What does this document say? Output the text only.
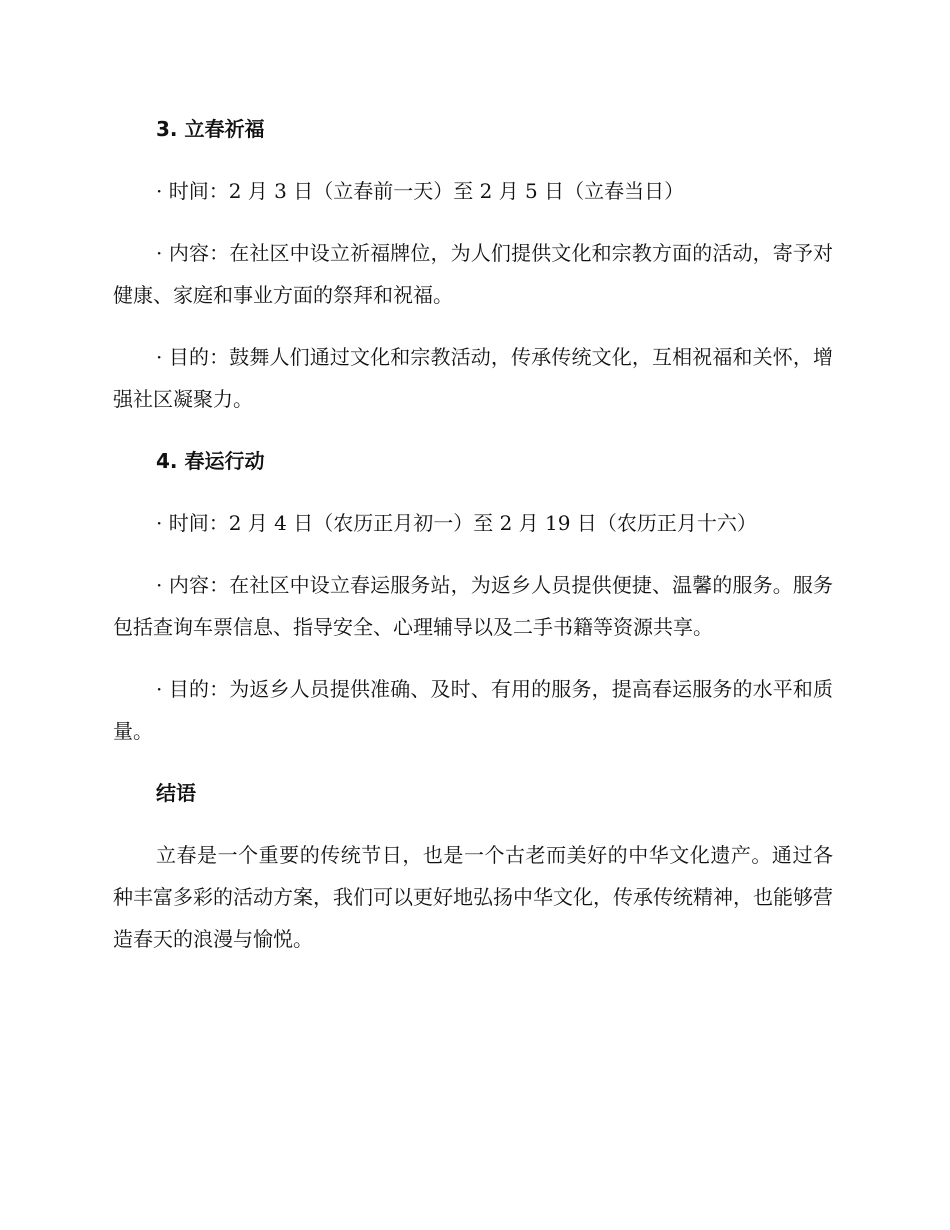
3. 立春祈福

· 时间：2 月 3 日（立春前一天）至 2 月 5 日（立春当日）

· 内容：在社区中设立祈福牌位，为人们提供文化和宗教方面的活动，寄予对健康、家庭和事业方面的祭拜和祝福。

· 目的：鼓舞人们通过文化和宗教活动，传承传统文化，互相祝福和关怀，增强社区凝聚力。

4. 春运行动

· 时间：2 月 4 日（农历正月初一）至 2 月 19 日（农历正月十六）

· 内容：在社区中设立春运服务站，为返乡人员提供便捷、温馨的服务。服务包括查询车票信息、指导安全、心理辅导以及二手书籍等资源共享。

· 目的：为返乡人员提供准确、及时、有用的服务，提高春运服务的水平和质量。

结语

立春是一个重要的传统节日，也是一个古老而美好的中华文化遗产。通过各种丰富多彩的活动方案，我们可以更好地弘扬中华文化，传承传统精神，也能够营造春天的浪漫与愉悦。
